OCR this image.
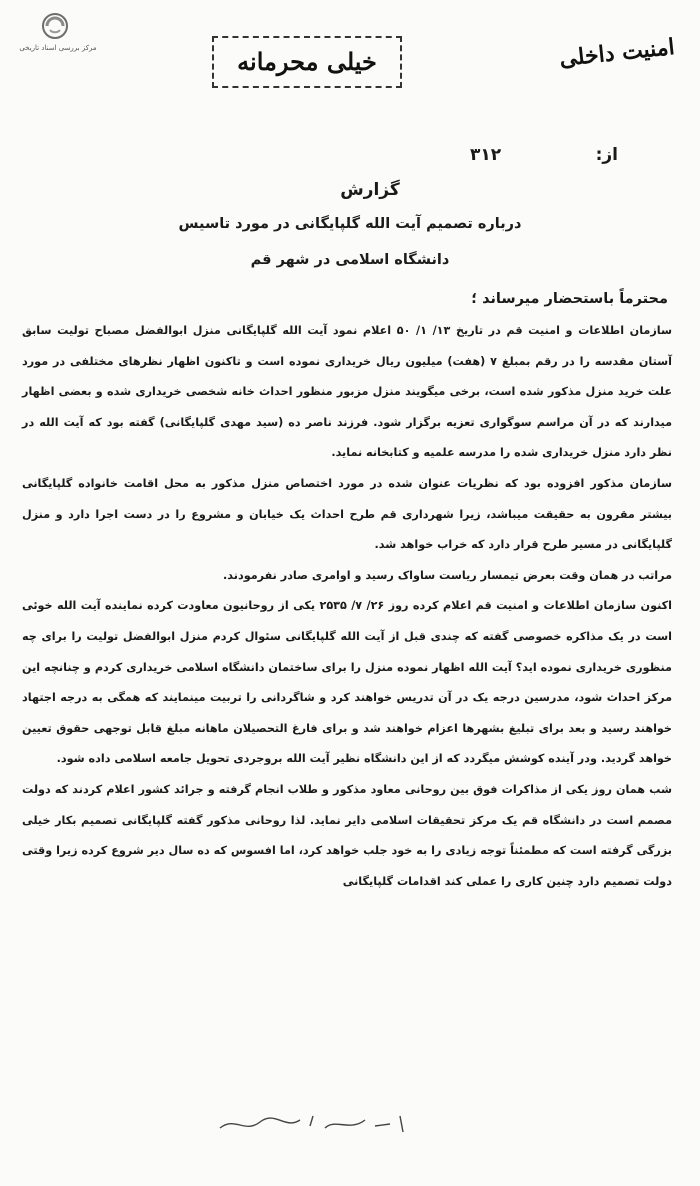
مرکز بررسی اسناد تاریخی	امنیت داخلی
خیلی محرمانه
از:
۳۱۲
گزارش
درباره تصمیم آیت الله گلپایگانی در مورد تاسیس
دانشگاه اسلامی در شهر قم
محترماً باستحضار میرساند ؛

سازمان اطلاعات و امنیت قم در تاریخ ۱۳/ ۱/ ۵۰ اعلام نمود آیت الله گلپایگانی منزل ابوالفضل مصباح تولیت سابق آستان مقدسه را در رقم بمبلغ ۷ (هفت) میلیون ریال خریداری نموده است و تاکنون اظهار نظرهای مختلفی در مورد علت خرید منزل مذکور شده است، برخی میگویند منزل مزبور منظور احداث خانه شخصی خریداری شده و بعضی اظهار میدارند که در آن مراسم سوگواری تعزیه برگزار شود. فرزند ناصر ده (سید مهدی گلپایگانی) گفته بود که آیت الله در نظر دارد منزل خریداری شده را مدرسه علمیه و کتابخانه نماید.

سازمان مذکور افزوده بود که نظریات عنوان شده در مورد اختصاص منزل مذکور به محل اقامت خانواده گلپایگانی بیشتر مقرون به حقیقت میباشد، زیرا شهرداری قم طرح احداث یک خیابان و مشروع را در دست اجرا دارد و منزل گلپایگانی در مسیر طرح قرار دارد که خراب خواهد شد.

مراتب در همان وقت بعرض تیمسار ریاست ساواک رسید و اوامری صادر نفرمودند.

اکنون سازمان اطلاعات و امنیت قم اعلام کرده روز ۲۶/ ۷/ ۲۵۳۵ یکی از روحانیون معاودت کرده نماینده آیت الله خوئی است در یک مذاکره خصوصی گفته که چندی قبل از آیت الله گلپایگانی سئوال کردم منزل ابوالفضل تولیت را برای چه منظوری خریداری نموده اید؟ آیت الله اظهار نموده منزل را برای ساختمان دانشگاه اسلامی خریداری کردم و چنانچه این مرکز احداث شود، مدرسین درجه یک در آن تدریس خواهند کرد و شاگردانی را تربیت مینمایند که همگی به درجه اجتهاد خواهند رسید و بعد برای تبلیغ بشهرها اعزام خواهند شد و برای فارغ التحصیلان ماهانه مبلغ قابل توجهی حقوق تعیین خواهد گردید. ودر آینده کوشش میگردد که از این دانشگاه نظیر آیت الله بروجردی تحویل جامعه اسلامی داده شود.

شب همان روز یکی از مذاکرات فوق بین روحانی معاود مذکور و طلاب انجام گرفته و جرائد کشور اعلام کردند که دولت مصمم است در دانشگاه قم یک مرکز تحقیقات اسلامی دایر نماید. لذا روحانی مذکور گفته گلپایگانی تصمیم بکار خیلی بزرگی گرفته است که مطمئناً توجه زیادی را به خود جلب خواهد کرد، اما افسوس که ده سال دیر شروع کرده زیرا وقتی دولت تصمیم دارد چنین کاری را عملی کند اقدامات گلپایگانی
